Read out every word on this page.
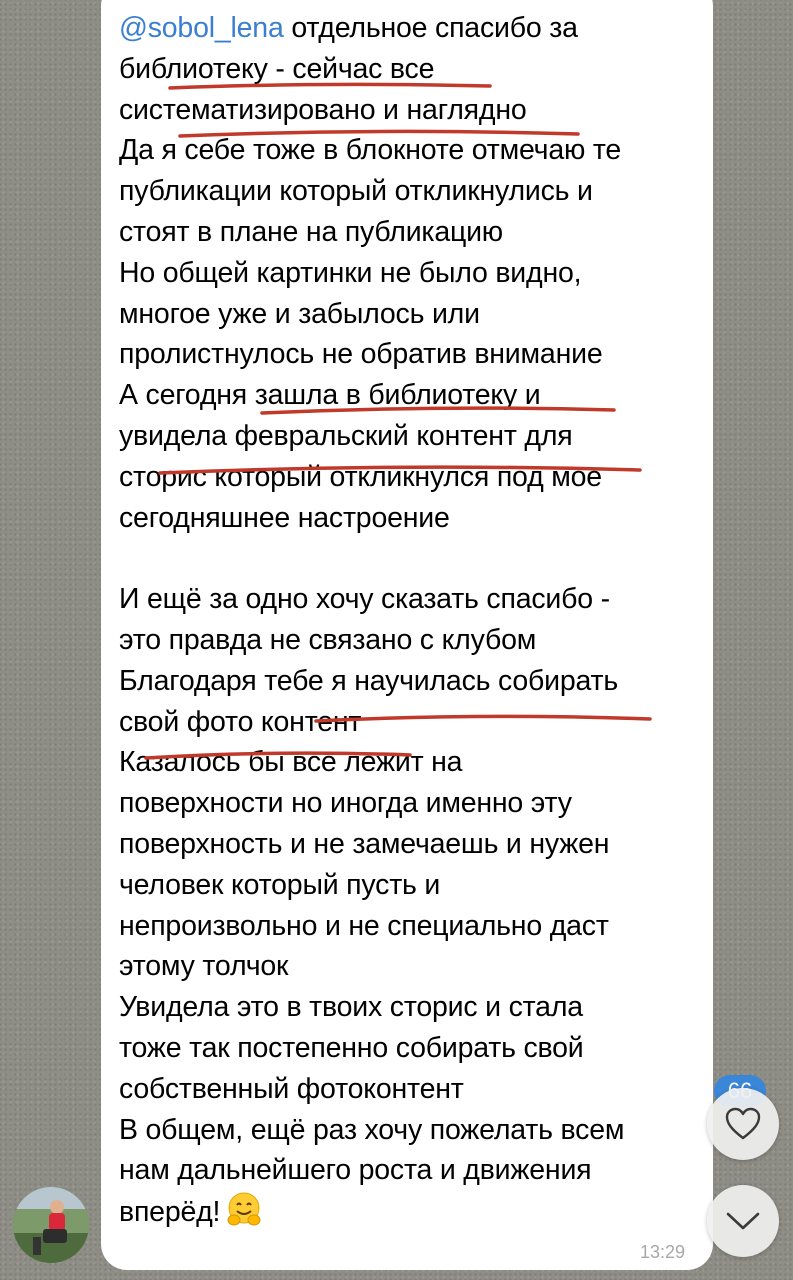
@sobol_lena отдельное спасибо за
библиотеку - сейчас все
систематизировано и наглядно
Да я себе тоже в блокноте отмечаю те
публикации который откликнулись и
стоят в плане на публикацию
Но общей картинки не было видно,
многое уже и забылось или
пролистнулось не обратив внимание
А сегодня зашла в библиотеку и
увидела февральский контент для
сторис который откликнулся под мое
сегодняшнее настроение
И ещё за одно хочу сказать спасибо -
это правда не связано с клубом
Благодаря тебе я научилась собирать
свой фото контент
Казалось бы все лежит на
поверхности но иногда именно эту
поверхность и не замечаешь и нужен
человек который пусть и
непроизвольно и не специально даст
этому толчок
Увидела это в твоих сторис и стала
тоже так постепенно собирать свой
собственный фотоконтент
В общем, ещё раз хочу пожелать всем
нам дальнейшего роста и движения
вперёд!
13:29
